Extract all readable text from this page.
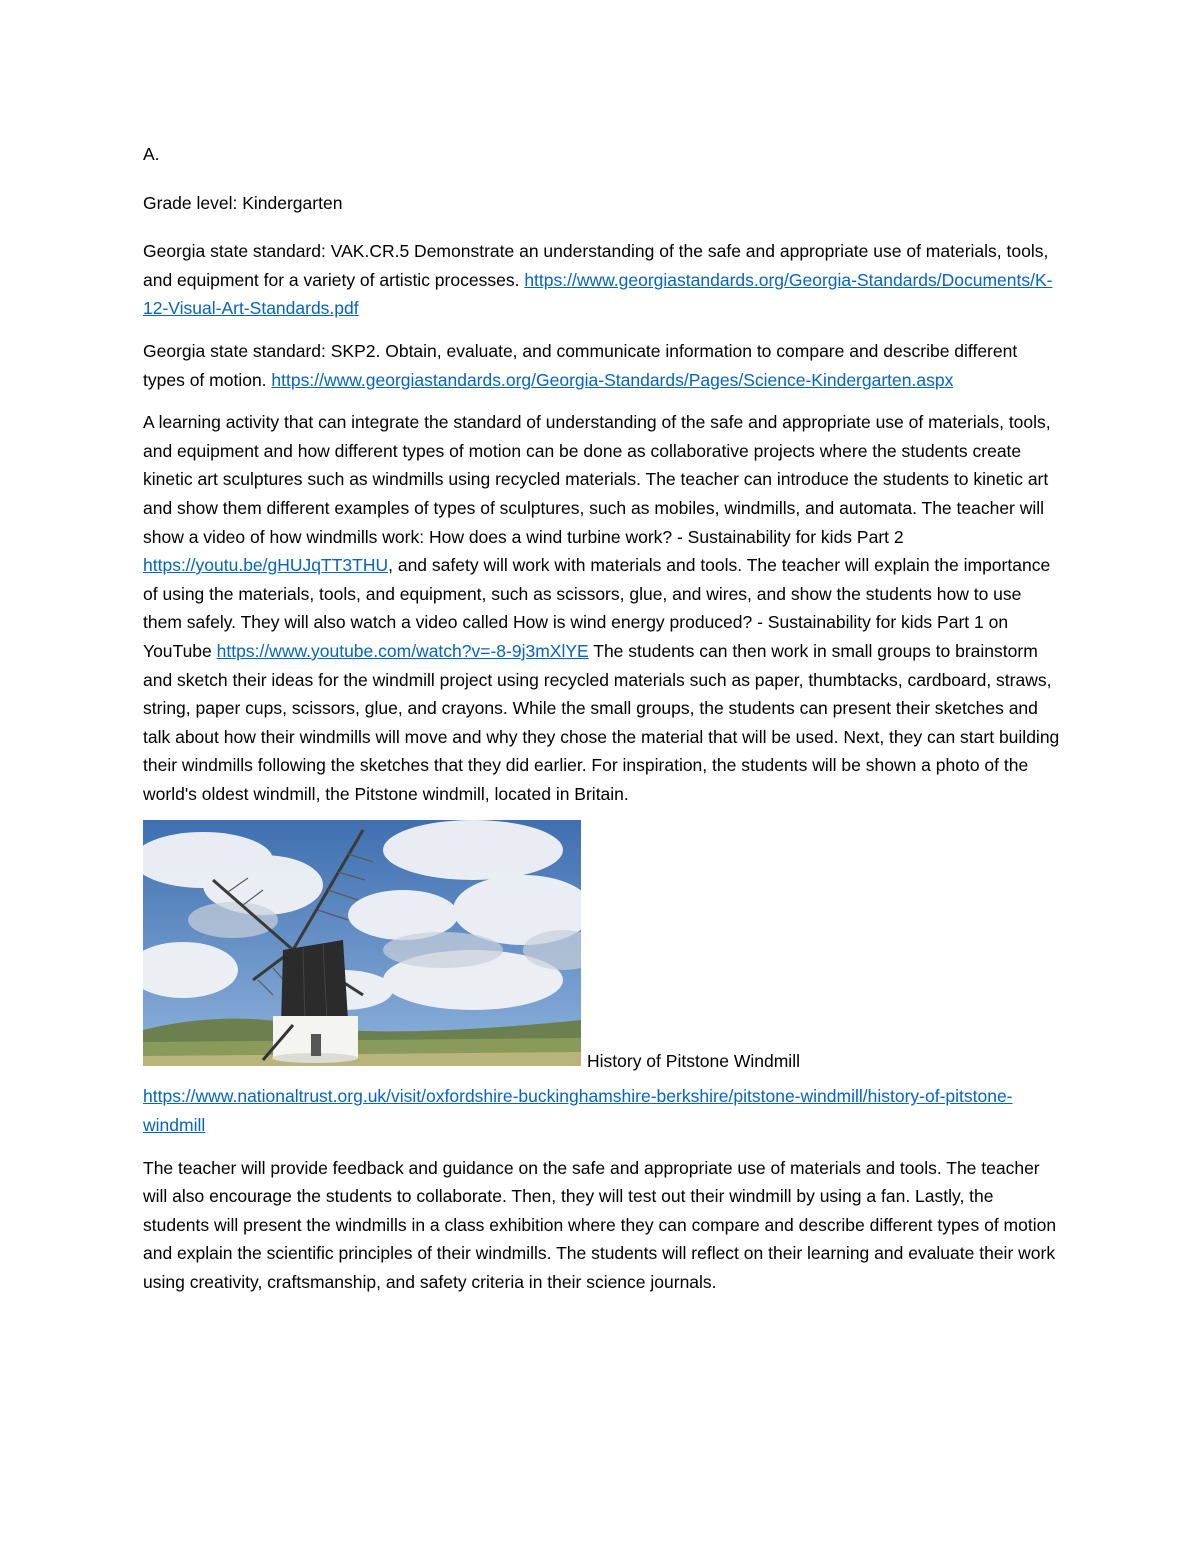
A.

Grade level: Kindergarten

Georgia state standard: VAK.CR.5 Demonstrate an understanding of the safe and appropriate use of materials, tools, and equipment for a variety of artistic processes. https://www.georgiastandards.org/Georgia-Standards/Documents/K-12-Visual-Art-Standards.pdf

Georgia state standard: SKP2. Obtain, evaluate, and communicate information to compare and describe different types of motion. https://www.georgiastandards.org/Georgia-Standards/Pages/Science-Kindergarten.aspx

A learning activity that can integrate the standard of understanding of the safe and appropriate use of materials, tools, and equipment and how different types of motion can be done as collaborative projects where the students create kinetic art sculptures such as windmills using recycled materials. The teacher can introduce the students to kinetic art and show them different examples of types of sculptures, such as mobiles, windmills, and automata. The teacher will show a video of how windmills work: How does a wind turbine work? - Sustainability for kids Part 2 https://youtu.be/gHUJqTT3THU, and safety will work with materials and tools. The teacher will explain the importance of using the materials, tools, and equipment, such as scissors, glue, and wires, and show the students how to use them safely. They will also watch a video called How is wind energy produced? - Sustainability for kids Part 1 on YouTube https://www.youtube.com/watch?v=-8-9j3mXlYE The students can then work in small groups to brainstorm and sketch their ideas for the windmill project using recycled materials such as paper, thumbtacks, cardboard, straws, string, paper cups, scissors, glue, and crayons. While the small groups, the students can present their sketches and talk about how their windmills will move and why they chose the material that will be used. Next, they can start building their windmills following the sketches that they did earlier. For inspiration, the students will be shown a photo of the world's oldest windmill, the Pitstone windmill, located in Britain.

History of Pitstone Windmill

https://www.nationaltrust.org.uk/visit/oxfordshire-buckinghamshire-berkshire/pitstone-windmill/history-of-pitstone-windmill

The teacher will provide feedback and guidance on the safe and appropriate use of materials and tools. The teacher will also encourage the students to collaborate. Then, they will test out their windmill by using a fan. Lastly, the students will present the windmills in a class exhibition where they can compare and describe different types of motion and explain the scientific principles of their windmills. The students will reflect on their learning and evaluate their work using creativity, craftsmanship, and safety criteria in their science journals.
